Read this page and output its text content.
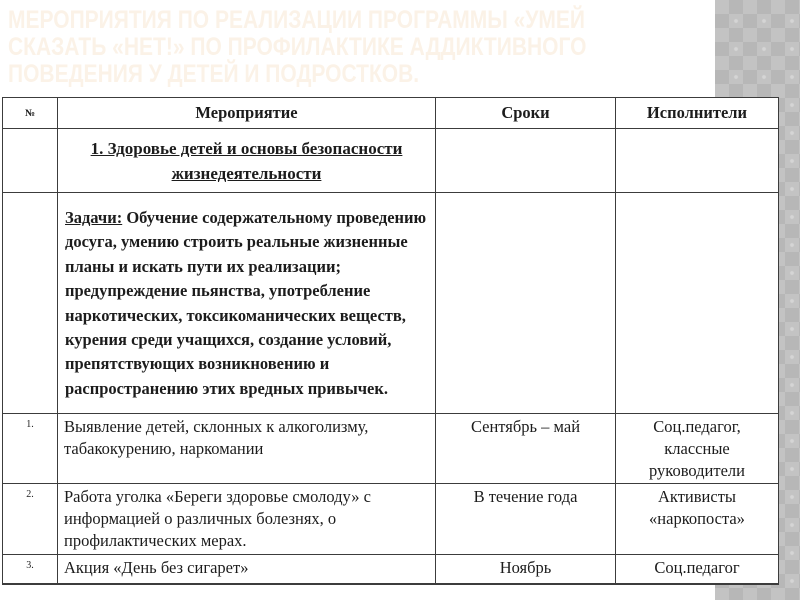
МЕРОПРИЯТИЯ ПО РЕАЛИЗАЦИИ ПРОГРАММЫ «УМЕЙ СКАЗАТЬ «НЕТ!» ПО ПРОФИЛАКТИКЕ АДДИКТИВНОГО ПОВЕДЕНИЯ У ДЕТЕЙ И ПОДРОСТКОВ.
№	Мероприятие	Сроки	Исполнители
	1. Здоровье детей и основы безопасности жизнедеятельности		
	Задачи: Обучение содержательному проведению досуга, умению строить реальные жизненные планы и искать пути их реализации; предупреждение пьянства, употребление наркотических, токсикоманических веществ, курения среди учащихся, создание условий, препятствующих возникновению и распространению этих вредных привычек.		
1.	Выявление детей, склонных к алкоголизму, табакокурению, наркомании	Сентябрь – май	Соц.педагог, классные руководители
2.	Работа уголка «Береги здоровье смолоду» с информацией о различных болезнях, о профилактических мерах.	В течение года	Активисты «наркопоста»
3.	Акция «День без сигарет»	Ноябрь	Соц.педагог
